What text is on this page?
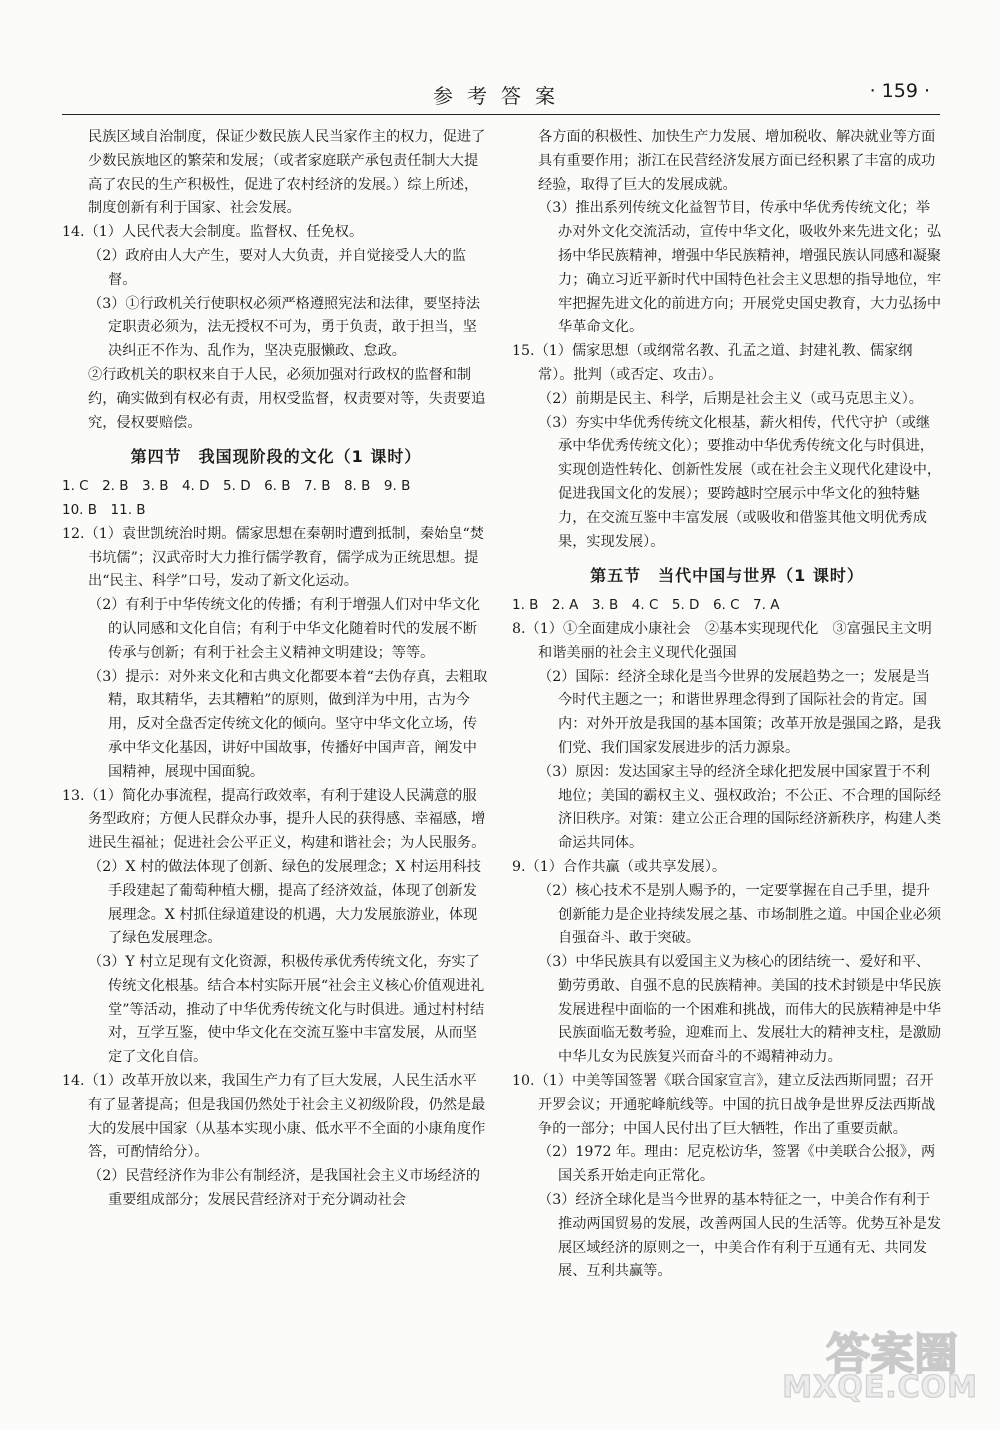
参考答案	· 159 ·

民族区域自治制度，保证少数民族人民当家作主的权力，促进了少数民族地区的繁荣和发展；（或者家庭联产承包责任制大大提高了农民的生产积极性，促进了农村经济的发展。）综上所述，制度创新有利于国家、社会发展。

14.（1）人民代表大会制度。监督权、任免权。

（2）政府由人大产生，要对人大负责，并自觉接受人大的监督。

（3）①行政机关行使职权必须严格遵照宪法和法律，要坚持法定职责必须为，法无授权不可为，勇于负责，敢于担当，坚决纠正不作为、乱作为，坚决克服懒政、怠政。

②行政机关的职权来自于人民，必须加强对行政权的监督和制约，确实做到有权必有责，用权受监督，权责要对等，失责要追究，侵权要赔偿。

第四节　我国现阶段的文化（1 课时）

1. C　2. B　3. B　4. D　5. D　6. B　7. B　8. B　9. B

10. B　11. B

12.（1）袁世凯统治时期。儒家思想在秦朝时遭到抵制，秦始皇“焚书坑儒”；汉武帝时大力推行儒学教育，儒学成为正统思想。提出“民主、科学”口号，发动了新文化运动。

（2）有利于中华传统文化的传播；有利于增强人们对中华文化的认同感和文化自信；有利于中华文化随着时代的发展不断传承与创新；有利于社会主义精神文明建设；等等。

（3）提示：对外来文化和古典文化都要本着“去伪存真，去粗取精，取其精华，去其糟粕”的原则，做到洋为中用，古为今用，反对全盘否定传统文化的倾向。坚守中华文化立场，传承中华文化基因，讲好中国故事，传播好中国声音，阐发中国精神，展现中国面貌。

13.（1）简化办事流程，提高行政效率，有利于建设人民满意的服务型政府；方便人民群众办事，提升人民的获得感、幸福感，增进民生福祉；促进社会公平正义，构建和谐社会；为人民服务。

（2）X 村的做法体现了创新、绿色的发展理念；X 村运用科技手段建起了葡萄种植大棚，提高了经济效益，体现了创新发展理念。X 村抓住绿道建设的机遇，大力发展旅游业，体现了绿色发展理念。

（3）Y 村立足现有文化资源，积极传承优秀传统文化，夯实了传统文化根基。结合本村实际开展“社会主义核心价值观进礼堂”等活动，推动了中华优秀传统文化与时俱进。通过村村结对，互学互鉴，使中华文化在交流互鉴中丰富发展，从而坚定了文化自信。

14.（1）改革开放以来，我国生产力有了巨大发展，人民生活水平有了显著提高；但是我国仍然处于社会主义初级阶段，仍然是最大的发展中国家（从基本实现小康、低水平不全面的小康角度作答，可酌情给分）。

（2）民营经济作为非公有制经济，是我国社会主义市场经济的重要组成部分；发展民营经济对于充分调动社会

各方面的积极性、加快生产力发展、增加税收、解决就业等方面具有重要作用；浙江在民营经济发展方面已经积累了丰富的成功经验，取得了巨大的发展成就。

（3）推出系列传统文化益智节目，传承中华优秀传统文化；举办对外文化交流活动，宣传中华文化，吸收外来先进文化；弘扬中华民族精神，增强中华民族精神，增强民族认同感和凝聚力；确立习近平新时代中国特色社会主义思想的指导地位，牢牢把握先进文化的前进方向；开展党史国史教育，大力弘扬中华革命文化。

15.（1）儒家思想（或纲常名教、孔孟之道、封建礼教、儒家纲常）。批判（或否定、攻击）。

（2）前期是民主、科学，后期是社会主义（或马克思主义）。

（3）夯实中华优秀传统文化根基，薪火相传，代代守护（或继承中华优秀传统文化）；要推动中华优秀传统文化与时俱进，实现创造性转化、创新性发展（或在社会主义现代化建设中，促进我国文化的发展）；要跨越时空展示中华文化的独特魅力，在交流互鉴中丰富发展（或吸收和借鉴其他文明优秀成果，实现发展）。

第五节　当代中国与世界（1 课时）

1. B　2. A　3. B　4. C　5. D　6. C　7. A

8.（1）①全面建成小康社会　②基本实现现代化　③富强民主文明和谐美丽的社会主义现代化强国

（2）国际：经济全球化是当今世界的发展趋势之一；发展是当今时代主题之一；和谐世界理念得到了国际社会的肯定。国内：对外开放是我国的基本国策；改革开放是强国之路，是我们党、我们国家发展进步的活力源泉。

（3）原因：发达国家主导的经济全球化把发展中国家置于不利地位；美国的霸权主义、强权政治；不公正、不合理的国际经济旧秩序。对策：建立公正合理的国际经济新秩序，构建人类命运共同体。

9.（1）合作共赢（或共享发展）。

（2）核心技术不是别人赐予的，一定要掌握在自己手里，提升创新能力是企业持续发展之基、市场制胜之道。中国企业必须自强奋斗、敢于突破。

（3）中华民族具有以爱国主义为核心的团结统一、爱好和平、勤劳勇敢、自强不息的民族精神。美国的技术封锁是中华民族发展进程中面临的一个困难和挑战，而伟大的民族精神是中华民族面临无数考验，迎难而上、发展壮大的精神支柱，是激励中华儿女为民族复兴而奋斗的不竭精神动力。

10.（1）中美等国签署《联合国家宣言》，建立反法西斯同盟；召开开罗会议；开通驼峰航线等。中国的抗日战争是世界反法西斯战争的一部分；中国人民付出了巨大牺牲，作出了重要贡献。

（2）1972 年。理由：尼克松访华，签署《中美联合公报》，两国关系开始走向正常化。

（3）经济全球化是当今世界的基本特征之一，中美合作有利于推动两国贸易的发展，改善两国人民的生活等。优势互补是发展区域经济的原则之一，中美合作有利于互通有无、共同发展、互利共赢等。

答案圈
MXQE.COM
